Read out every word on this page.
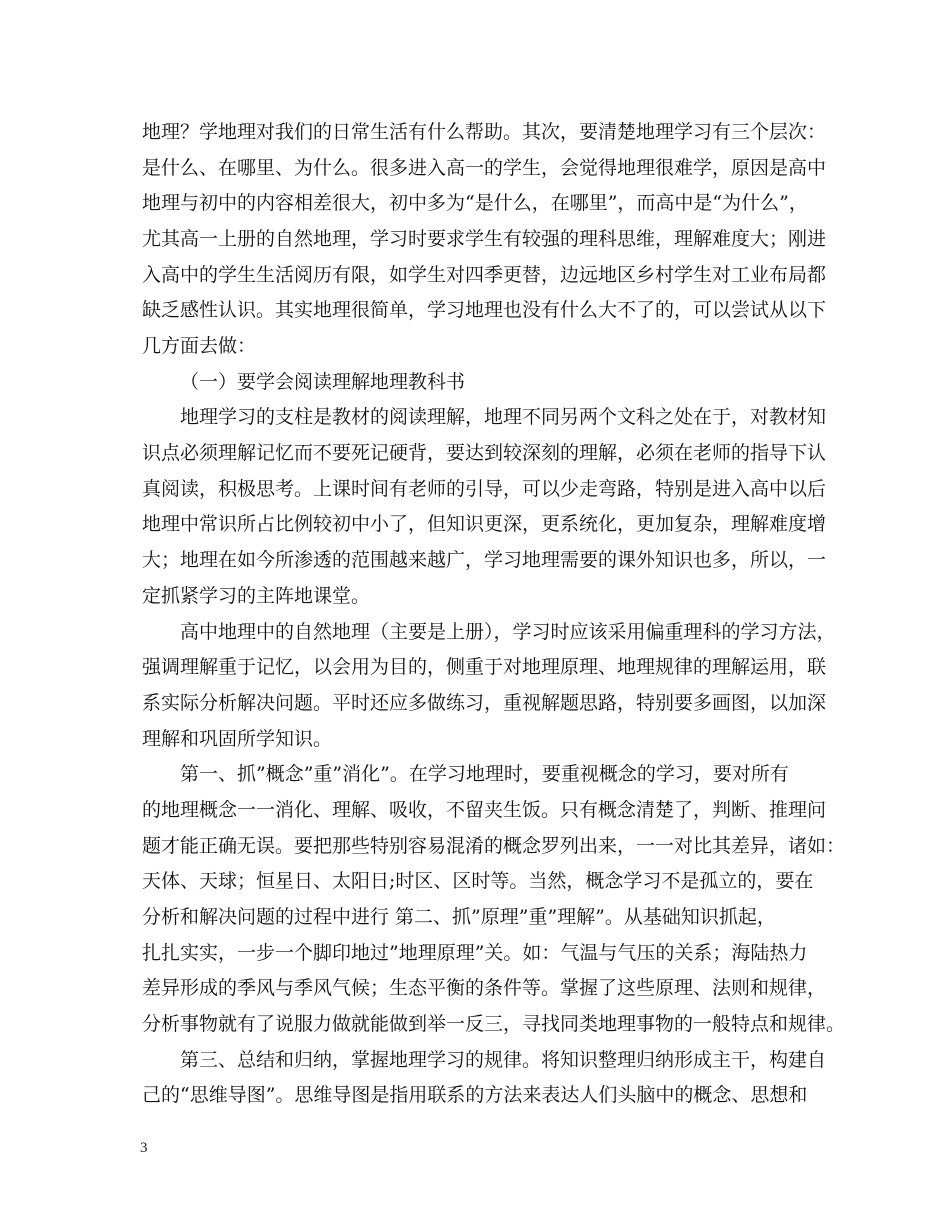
地理？学地理对我们的日常生活有什么帮助。其次，要清楚地理学习有三个层次：
是什么、在哪里、为什么。很多进入高一的学生，会觉得地理很难学，原因是高中
地理与初中的内容相差很大，初中多为“是什么，在哪里”，而高中是“为什么”，
尤其高一上册的自然地理，学习时要求学生有较强的理科思维，理解难度大；刚进
入高中的学生生活阅历有限，如学生对四季更替，边远地区乡村学生对工业布局都
缺乏感性认识。其实地理很简单，学习地理也没有什么大不了的，可以尝试从以下
几方面去做：
（一）要学会阅读理解地理教科书
地理学习的支柱是教材的阅读理解，地理不同另两个文科之处在于，对教材知
识点必须理解记忆而不要死记硬背，要达到较深刻的理解，必须在老师的指导下认
真阅读，积极思考。上课时间有老师的引导，可以少走弯路，特别是进入高中以后
地理中常识所占比例较初中小了，但知识更深，更系统化，更加复杂，理解难度增
大；地理在如今所渗透的范围越来越广，学习地理需要的课外知识也多，所以，一
定抓紧学习的主阵地课堂。
高中地理中的自然地理（主要是上册），学习时应该采用偏重理科的学习方法，
强调理解重于记忆，以会用为目的，侧重于对地理原理、地理规律的理解运用，联
系实际分析解决问题。平时还应多做练习，重视解题思路，特别要多画图，以加深
理解和巩固所学知识。
第一、抓”概念”重”消化”。在学习地理时，要重视概念的学习，要对所有
的地理概念一一消化、理解、吸收，不留夹生饭。只有概念清楚了，判断、推理问
题才能正确无误。要把那些特别容易混淆的概念罗列出来，一一对比其差异，诸如：
天体、天球；恒星日、太阳日;时区、区时等。当然，概念学习不是孤立的，要在
分析和解决问题的过程中进行 第二、抓”原理”重”理解”。从基础知识抓起，
扎扎实实，一步一个脚印地过”地理原理”关。如：气温与气压的关系；海陆热力
差异形成的季风与季风气候；生态平衡的条件等。掌握了这些原理、法则和规律，
分析事物就有了说服力做就能做到举一反三，寻找同类地理事物的一般特点和规律。
第三、总结和归纳，掌握地理学习的规律。将知识整理归纳形成主干，构建自
己的“思维导图”。思维导图是指用联系的方法来表达人们头脑中的概念、思想和
3
